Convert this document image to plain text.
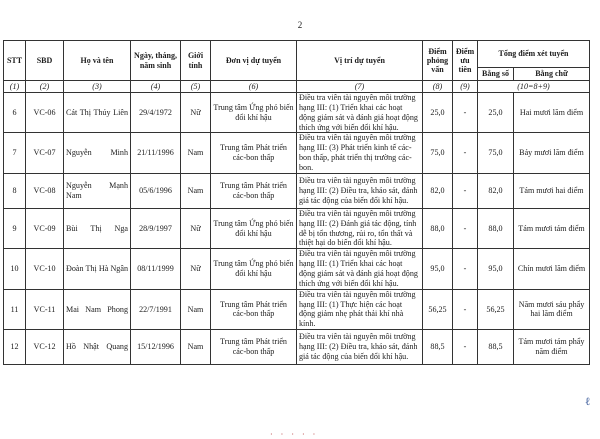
2
STT	SBD	Họ và tên	Ngày, tháng, năm sinh	Giới tính	Đơn vị dự tuyển	Vị trí dự tuyển	Điểm phỏng vấn	Điểm ưu tiên	Tổng điểm xét tuyển	
									Bằng số	Bằng chữ
(1)	(2)	(3)	(4)	(5)	(6)	(7)	(8)	(9)	(10=8+9)	
6	VC-06	Cát Thị Thúy Liên	29/4/1972	Nữ	Trung tâm Ứng phó biến đổi khí hậu	Điều tra viên tài nguyên môi trường hạng III: (1) Triển khai các hoạt động giám sát và đánh giá hoạt động thích ứng với biến đổi khí hậu.	25,0	-	25,0	Hai mươi lăm điểm
7	VC-07	Nguyễn Minh	21/11/1996	Nam	Trung tâm Phát triển các-bon thấp	Điều tra viên tài nguyên môi trường hạng III: (3) Phát triển kinh tế các-bon thấp, phát triển thị trường các-bon.	75,0	-	75,0	Bảy mươi lăm điểm
8	VC-08	Nguyễn Mạnh Nam	05/6/1996	Nam	Trung tâm Phát triển các-bon thấp	Điều tra viên tài nguyên môi trường hạng III: (2) Điều tra, khảo sát, đánh giá tác động của biến đổi khí hậu.	82,0	-	82,0	Tám mươi hai điểm
9	VC-09	Bùi Thị Nga	28/9/1997	Nữ	Trung tâm Ứng phó biến đổi khí hậu	Điều tra viên tài nguyên môi trường hạng III: (2) Đánh giá tác động, tính dễ bị tổn thương, rủi ro, tổn thất và thiệt hại do biến đổi khí hậu.	88,0	-	88,0	Tám mươi tám điểm
10	VC-10	Đoàn Thị Hà Ngân	08/11/1999	Nữ	Trung tâm Ứng phó biến đổi khí hậu	Điều tra viên tài nguyên môi trường hạng III: (1) Triển khai các hoạt động giám sát và đánh giá hoạt động thích ứng với biến đổi khí hậu.	95,0	-	95,0	Chín mươi lăm điểm
11	VC-11	Mai Nam Phong	22/7/1991	Nam	Trung tâm Phát triển các-bon thấp	Điều tra viên tài nguyên môi trường hạng III: (1) Thực hiện các hoạt động giảm nhẹ phát thải khí nhà kính.	56,25	-	56,25	Năm mươi sáu phẩy hai lăm điểm
12	VC-12	Hồ Nhật Quang	15/12/1996	Nam	Trung tâm Phát triển các-bon thấp	Điều tra viên tài nguyên môi trường hạng III: (2) Điều tra, khảo sát, đánh giá tác động của biến đổi khí hậu.	88,5	-	88,5	Tám mươi tám phẩy năm điểm
ℓ
· · · · ·
